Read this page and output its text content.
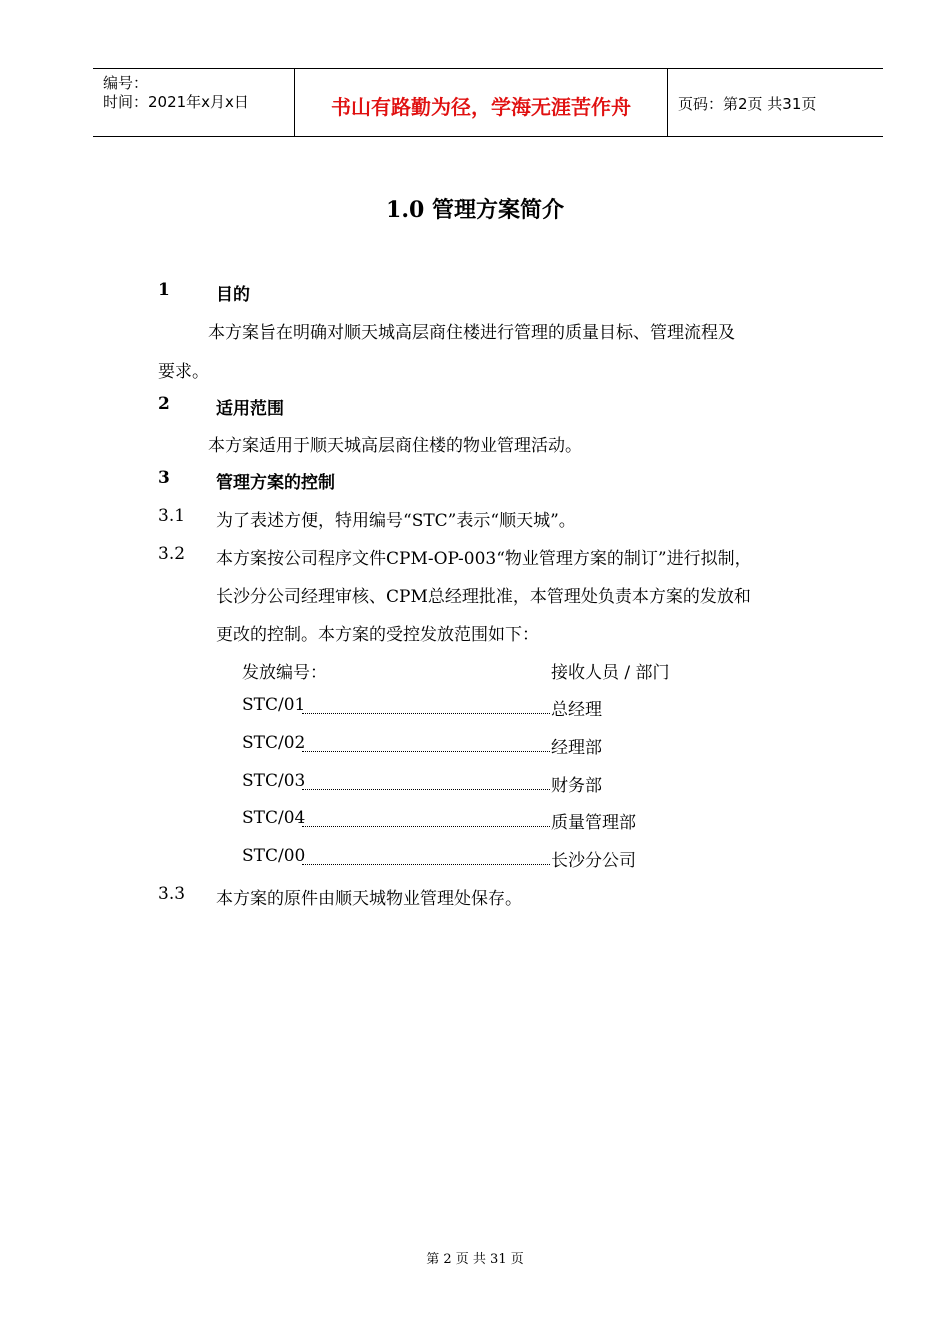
编号：
时间：2021年x月x日	书山有路勤为径，学海无涯苦作舟	页码：第2页 共31页
1.0 管理方案简介
1	目的
本方案旨在明确对顺天城高层商住楼进行管理的质量目标、管理流程及
要求。
2	适用范围
本方案适用于顺天城高层商住楼的物业管理活动。
3	管理方案的控制
3.1 为了表述方便，特用编号“STC”表示“顺天城”。
3.2 本方案按公司程序文件CPM-OP-003“物业管理方案的制订”进行拟制，
长沙分公司经理审核、CPM总经理批准，本管理处负责本方案的发放和
更改的控制。本方案的受控发放范围如下：
发放编号：	接收人员 / 部门
STC/01	总经理
STC/02	经理部
STC/03	财务部
STC/04	质量管理部
STC/00	长沙分公司
3.3 本方案的原件由顺天城物业管理处保存。
第 2 页 共 31 页
